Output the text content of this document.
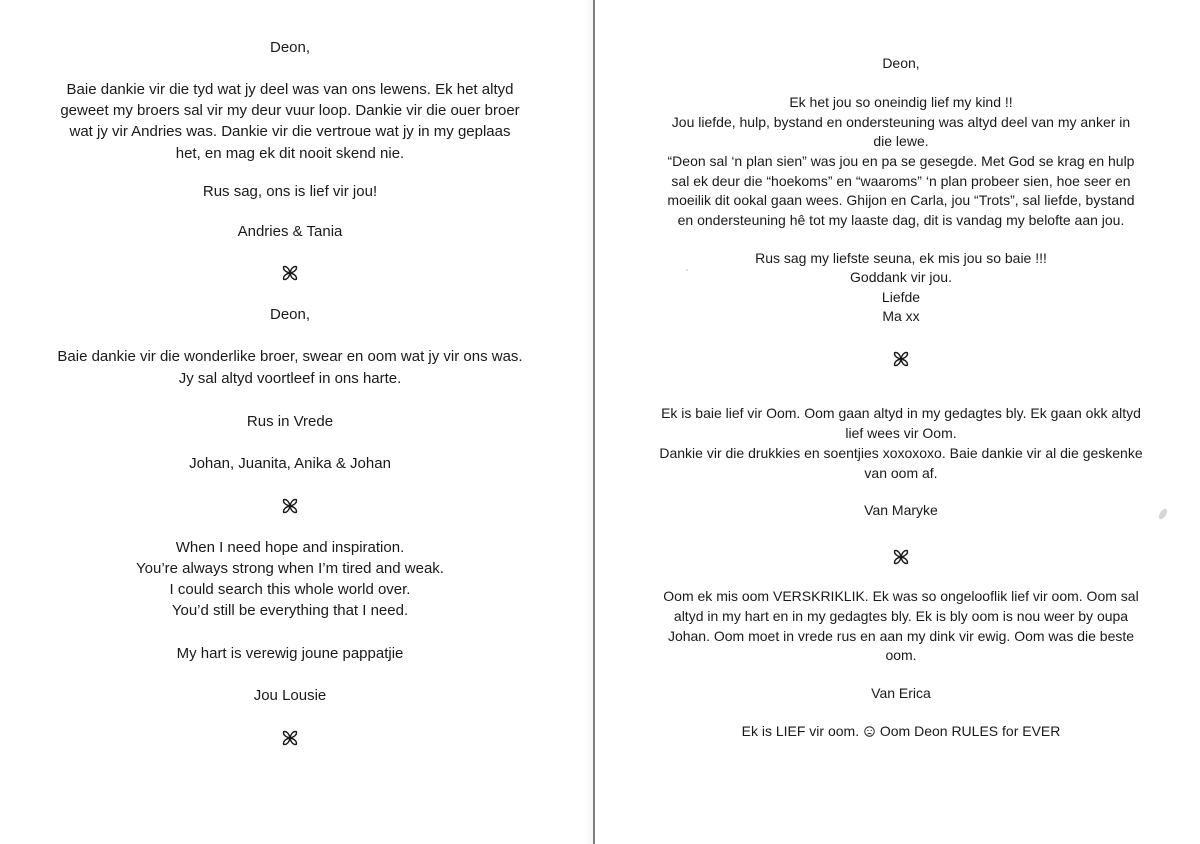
Deon,
Baie dankie vir die tyd wat jy deel was van ons lewens. Ek het altyd
geweet my broers sal vir my deur vuur loop. Dankie vir die ouer broer
wat jy vir Andries was. Dankie vir die vertroue wat jy in my geplaas
het, en mag ek dit nooit skend nie.
Rus sag, ons is lief vir jou!
Andries & Tania
Deon,
Baie dankie vir die wonderlike broer, swear en oom wat jy vir ons was.
Jy sal altyd voortleef in ons harte.
Rus in Vrede
Johan, Juanita, Anika & Johan
When I need hope and inspiration.
You’re always strong when I’m tired and weak.
I could search this whole world over.
You’d still be everything that I need.
My hart is verewig joune pappatjie
Jou Lousie
Deon,
Ek het jou so oneindig lief my kind !!
Jou liefde, hulp, bystand en ondersteuning was altyd deel van my anker in
die lewe.
“Deon sal ‘n plan sien” was jou en pa se gesegde. Met God se krag en hulp
sal ek deur die “hoekoms” en “waaroms” ‘n plan probeer sien, hoe seer en
moeilik dit ookal gaan wees. Ghijon en Carla, jou “Trots”, sal liefde, bystand
en ondersteuning hê tot my laaste dag, dit is vandag my belofte aan jou.
Rus sag my liefste seuna, ek mis jou so baie !!!
Goddank vir jou.
Liefde
Ma xx
Ek is baie lief vir Oom. Oom gaan altyd in my gedagtes bly. Ek gaan okk altyd
lief wees vir Oom.
Dankie vir die drukkies en soentjies xoxoxoxo. Baie dankie vir al die geskenke
van oom af.
Van Maryke
Oom ek mis oom VERSKRIKLIK. Ek was so ongelooflik lief vir oom. Oom sal
altyd in my hart en in my gedagtes bly. Ek is bly oom is nou weer by oupa
Johan. Oom moet in vrede rus en aan my dink vir ewig. Oom was die beste
oom.
Van Erica
Ek is LIEF vir oom. Oom Deon RULES for EVER
